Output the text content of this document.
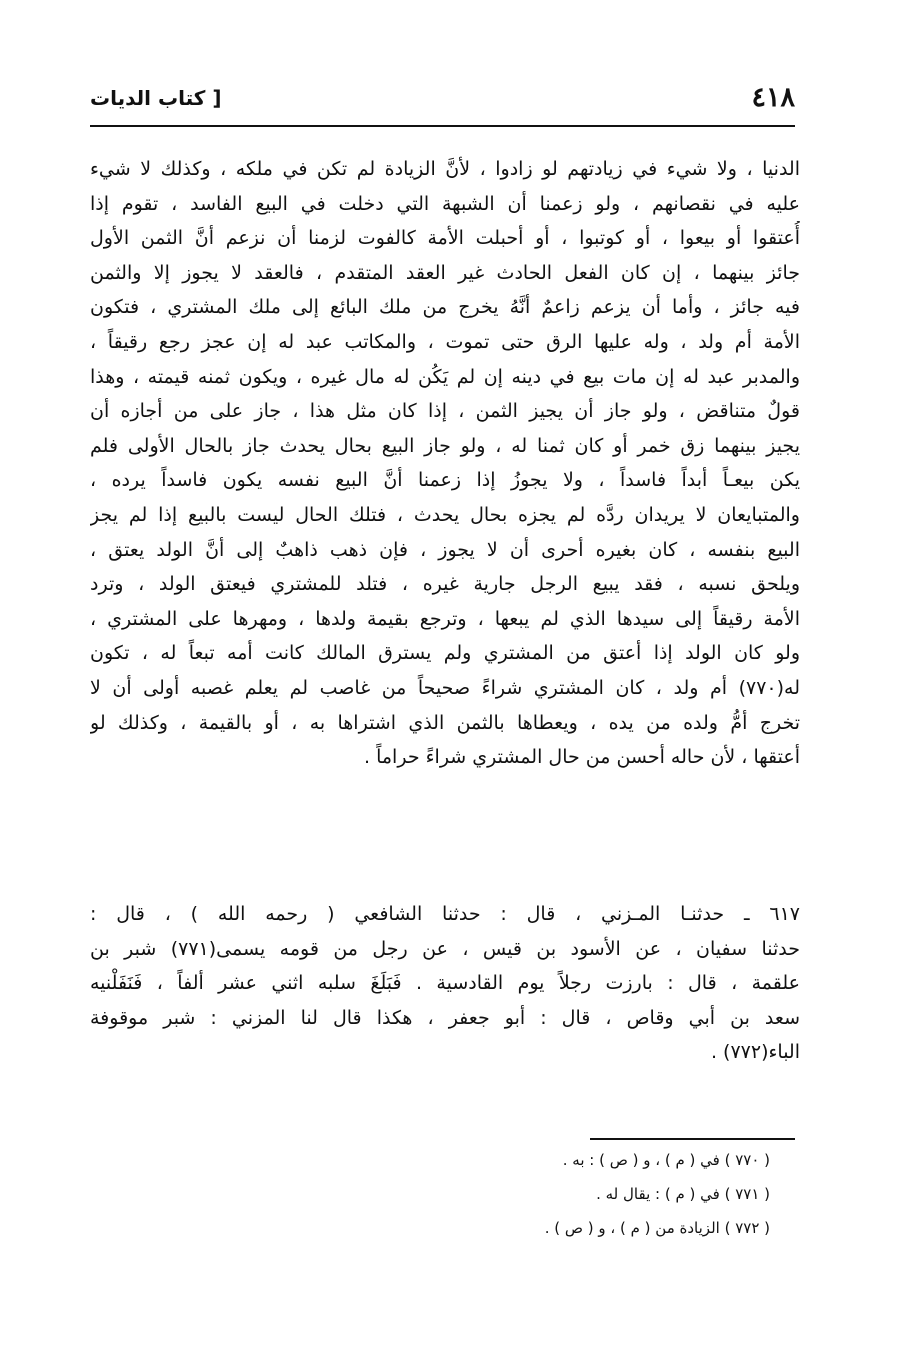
٤١٨
[ كتاب الديات
الدنيا ، ولا شيء في زيادتهم لو زادوا ، لأنَّ الزيادة لم تكن في ملكه ، وكذلك لا شيء
عليه في نقصانهم ، ولو زعمنا أن الشبهة التي دخلت في البيع الفاسد ، تقوم إذا
أُعتقوا أو بيعوا ، أو كوتبوا ، أو أحبلت الأمة كالفوت لزمنا أن نزعم أنَّ الثمن الأول
جائز بينهما ، إن كان الفعل الحادث غير العقد المتقدم ، فالعقد لا يجوز إلا والثمن
فيه جائز ، وأما أن يزعم زاعمٌ أنَّهُ يخرج من ملك البائع إلى ملك المشتري ، فتكون
الأمة أم ولد ، وله عليها الرق حتى تموت ، والمكاتب عبد له إن عجز رجع رقيقاً ،
والمدبر عبد له إن مات بيع في دينه إن لم يَكُن له مال غيره ، ويكون ثمنه قيمته ، وهذا
قولٌ متناقض ، ولو جاز أن يجيز الثمن ، إذا كان مثل هذا ، جاز على من أجازه أن
يجيز بينهما زق خمر أو كان ثمنا له ، ولو جاز البيع بحال يحدث جاز بالحال الأولى فلم
يكن بيعـاً أبداً فاسداً ، ولا يجوزُ إذا زعمنا أنَّ البيع نفسه يكون فاسداً يرده ،
والمتبايعان لا يريدان ردَّه لم يجزه بحال يحدث ، فتلك الحال ليست بالبيع إذا لم يجز
البيع بنفسه ، كان بغيره أحرى أن لا يجوز ، فإن ذهب ذاهبٌ إلى أنَّ الولد يعتق ،
ويلحق نسبه ، فقد يبيع الرجل جارية غيره ، فتلد للمشتري فيعتق الولد ، وترد
الأمة رقيقاً إلى سيدها الذي لم يبعها ، وترجع بقيمة ولدها ، ومهرها على المشتري ،
ولو كان الولد إذا أعتق من المشتري ولم يسترق المالك كانت أمه تبعاً له ، تكون
له(٧٧٠) أم ولد ، كان المشتري شراءً صحيحاً من غاصب لم يعلم غصبه أولى أن لا
تخرج أمُّ ولده من يده ، ويعطاها بالثمن الذي اشتراها به ، أو بالقيمة ، وكذلك لو
أعتقها ، لأن حاله أحسن من حال المشتري شراءً حراماً .
٦١٧ ـ حدثنـا المـزني ، قال : حدثنا الشافعي ( رحمه الله ) ، قال :
حدثنا سفيان ، عن الأسود بن قيس ، عن رجل من قومه يسمى(٧٧١) شبر بن
علقمة ، قال : بارزت رجلاً يوم القادسية . فَبَلَغَ سلبه اثني عشر ألفاً ، فَنَفَلْنيه
سعد بن أبي وقاص ، قال : أبو جعفر ، هكذا قال لنا المزني : شبر موقوفة
الباء(٧٧٢) .
( ٧٧٠ ) في ( م ) ، و ( ص ) : به .
( ٧٧١ ) في ( م ) : يقال له .
( ٧٧٢ ) الزيادة من ( م ) ، و ( ص ) .
